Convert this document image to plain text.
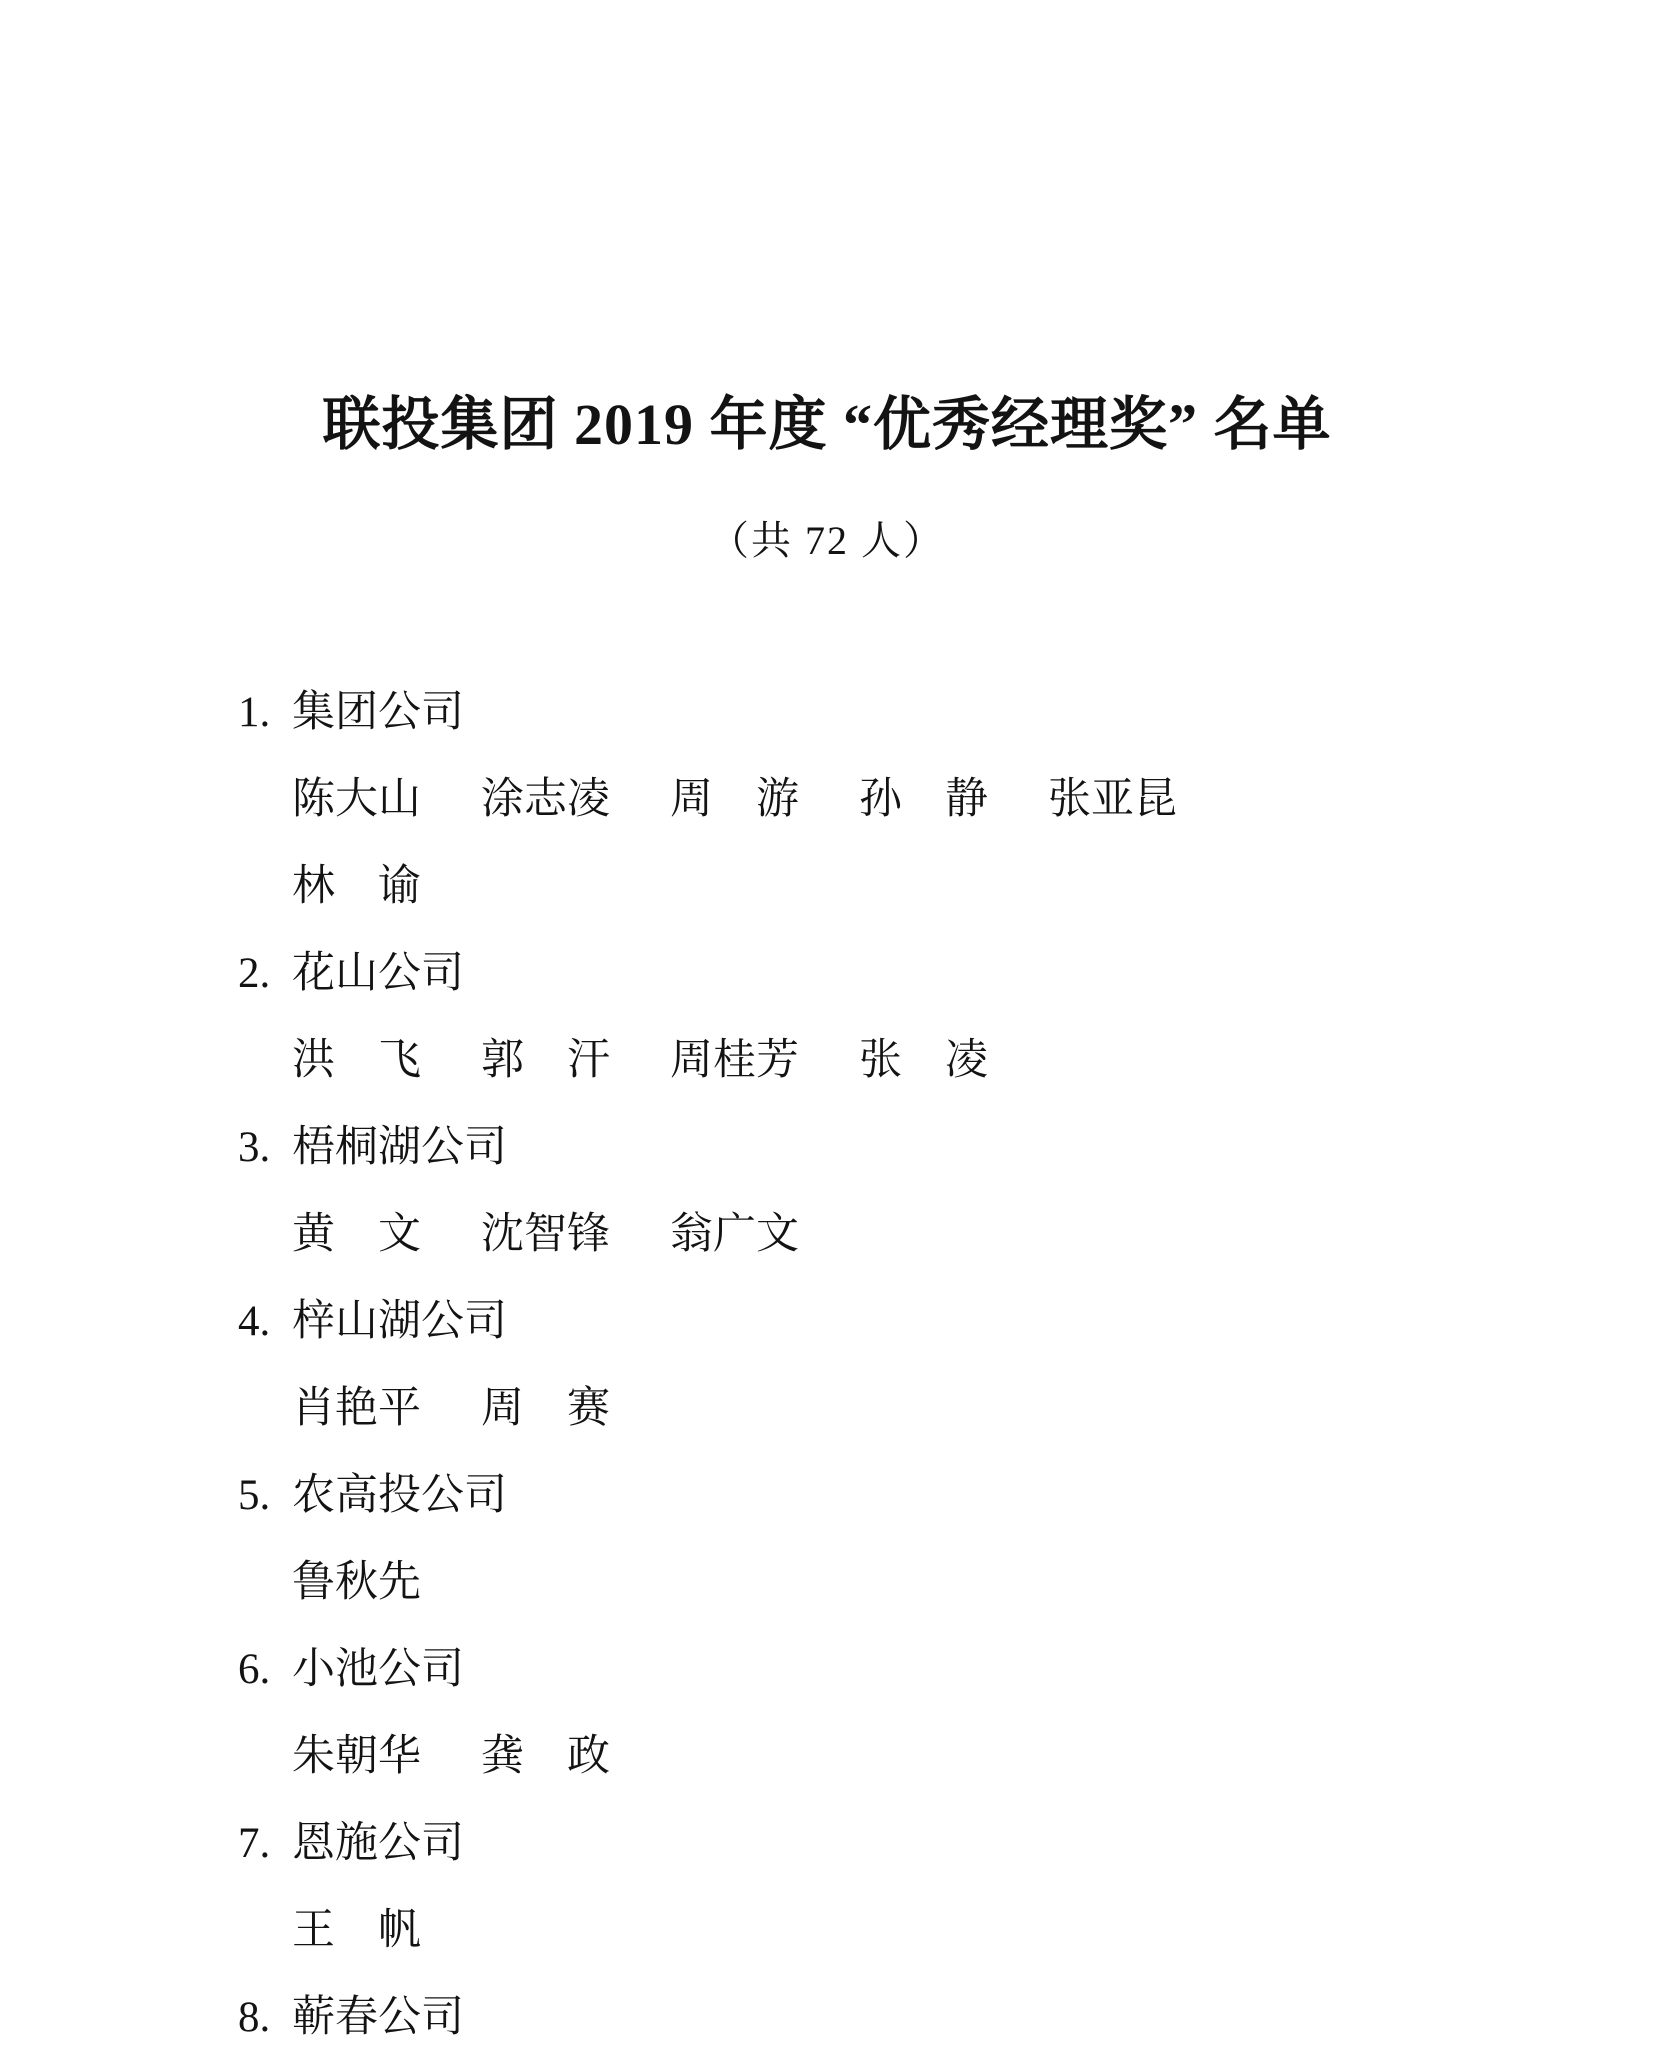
联投集团 2019 年度 “优秀经理奖” 名单
（共 72 人）
1. 集团公司
陈大山 涂志凌 周　游 孙　静 张亚昆
林　谕
2. 花山公司
洪　飞 郭　汗 周桂芳 张　凌
3. 梧桐湖公司
黄　文 沈智锋 翁广文
4. 梓山湖公司
肖艳平 周　赛
5. 农高投公司
鲁秋先
6. 小池公司
朱朝华 龚　政
7. 恩施公司
王　帆
8. 蕲春公司
